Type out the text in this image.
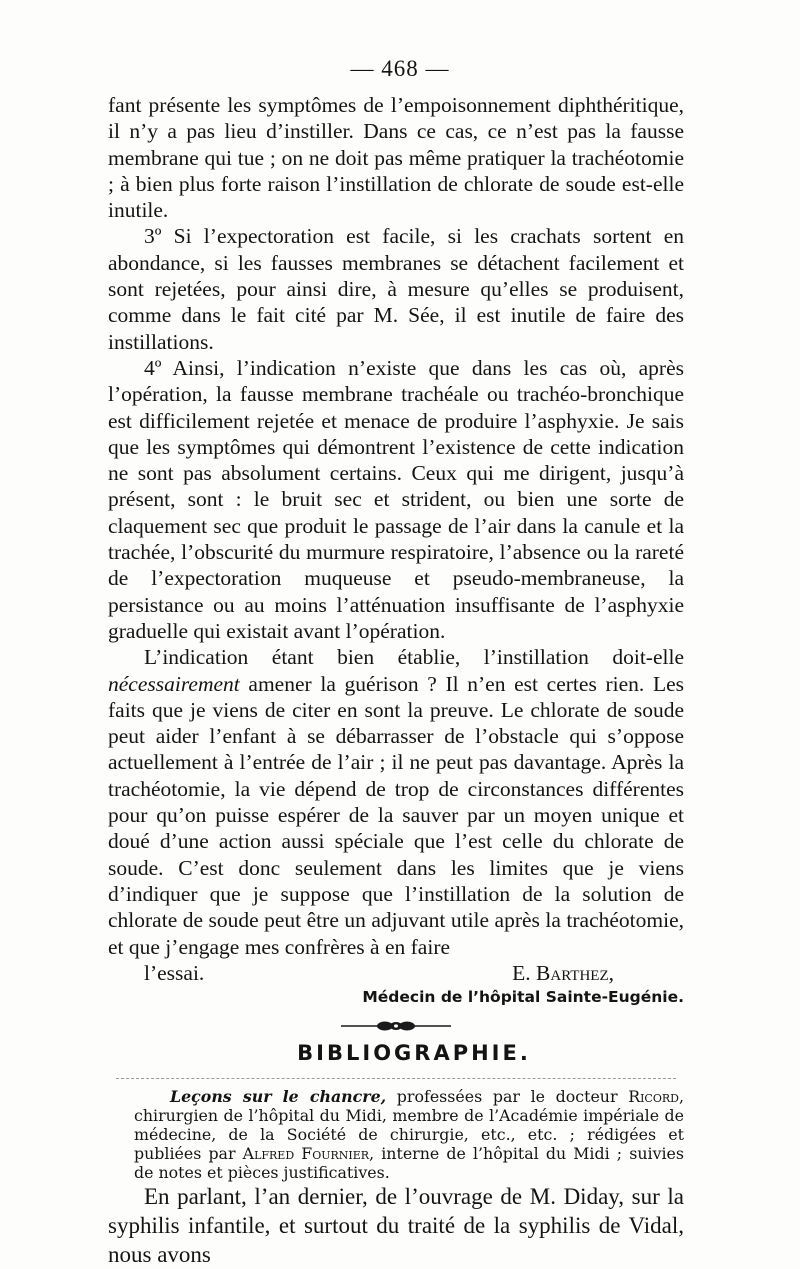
— 468 —

fant présente les symptômes de l’empoisonnement diphthéritique, il n’y a pas lieu d’instiller. Dans ce cas, ce n’est pas la fausse membrane qui tue ; on ne doit pas même pratiquer la trachéotomie ; à bien plus forte raison l’instillation de chlorate de soude est-elle inutile.

3º Si l’expectoration est facile, si les crachats sortent en abondance, si les fausses membranes se détachent facilement et sont rejetées, pour ainsi dire, à mesure qu’elles se produisent, comme dans le fait cité par M. Sée, il est inutile de faire des instillations.

4º Ainsi, l’indication n’existe que dans les cas où, après l’opération, la fausse membrane trachéale ou trachéo-bronchique est difficilement rejetée et menace de produire l’asphyxie. Je sais que les symptômes qui démontrent l’existence de cette indication ne sont pas absolument certains. Ceux qui me dirigent, jusqu’à présent, sont : le bruit sec et strident, ou bien une sorte de claquement sec que produit le passage de l’air dans la canule et la trachée, l’obscurité du murmure respiratoire, l’absence ou la rareté de l’expectoration muqueuse et pseudo-membraneuse, la persistance ou au moins l’atténuation insuffisante de l’asphyxie graduelle qui existait avant l’opération.

L’indication étant bien établie, l’instillation doit-elle nécessairement amener la guérison ? Il n’en est certes rien. Les faits que je viens de citer en sont la preuve. Le chlorate de soude peut aider l’enfant à se débarrasser de l’obstacle qui s’oppose actuellement à l’entrée de l’air ; il ne peut pas davantage. Après la trachéotomie, la vie dépend de trop de circonstances différentes pour qu’on puisse espérer de la sauver par un moyen unique et doué d’une action aussi spéciale que l’est celle du chlorate de soude. C’est donc seulement dans les limites que je viens d’indiquer que je suppose que l’instillation de la solution de chlorate de soude peut être un adjuvant utile après la trachéotomie, et que j’engage mes confrères à en faire

l’essai.	E. Barthez,

Médecin de l’hôpital Sainte-Eugénie.

BIBLIOGRAPHIE.

Leçons sur le chancre, professées par le docteur Ricord, chirurgien de l’hôpital du Midi, membre de l’Académie impériale de médecine, de la Société de chirurgie, etc., etc. ; rédigées et publiées par Alfred Fournier, interne de l’hôpital du Midi ; suivies de notes et pièces justificatives.

En parlant, l’an dernier, de l’ouvrage de M. Diday, sur la syphilis infantile, et surtout du traité de la syphilis de Vidal, nous avons
